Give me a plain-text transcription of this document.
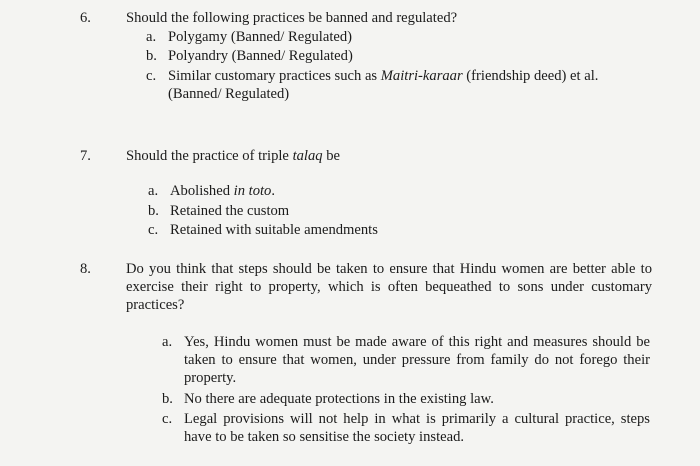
6. Should the following practices be banned and regulated?
a. Polygamy (Banned/ Regulated)
b. Polyandry (Banned/ Regulated)
c. Similar customary practices such as Maitri-karaar (friendship deed) et al. (Banned/ Regulated)
7. Should the practice of triple talaq be
a. Abolished in toto.
b. Retained the custom
c. Retained with suitable amendments
8. Do you think that steps should be taken to ensure that Hindu women are better able to exercise their right to property, which is often bequeathed to sons under customary practices?
a. Yes, Hindu women must be made aware of this right and measures should be taken to ensure that women, under pressure from family do not forego their property.
b. No there are adequate protections in the existing law.
c. Legal provisions will not help in what is primarily a cultural practice, steps have to be taken so sensitise the society instead.
